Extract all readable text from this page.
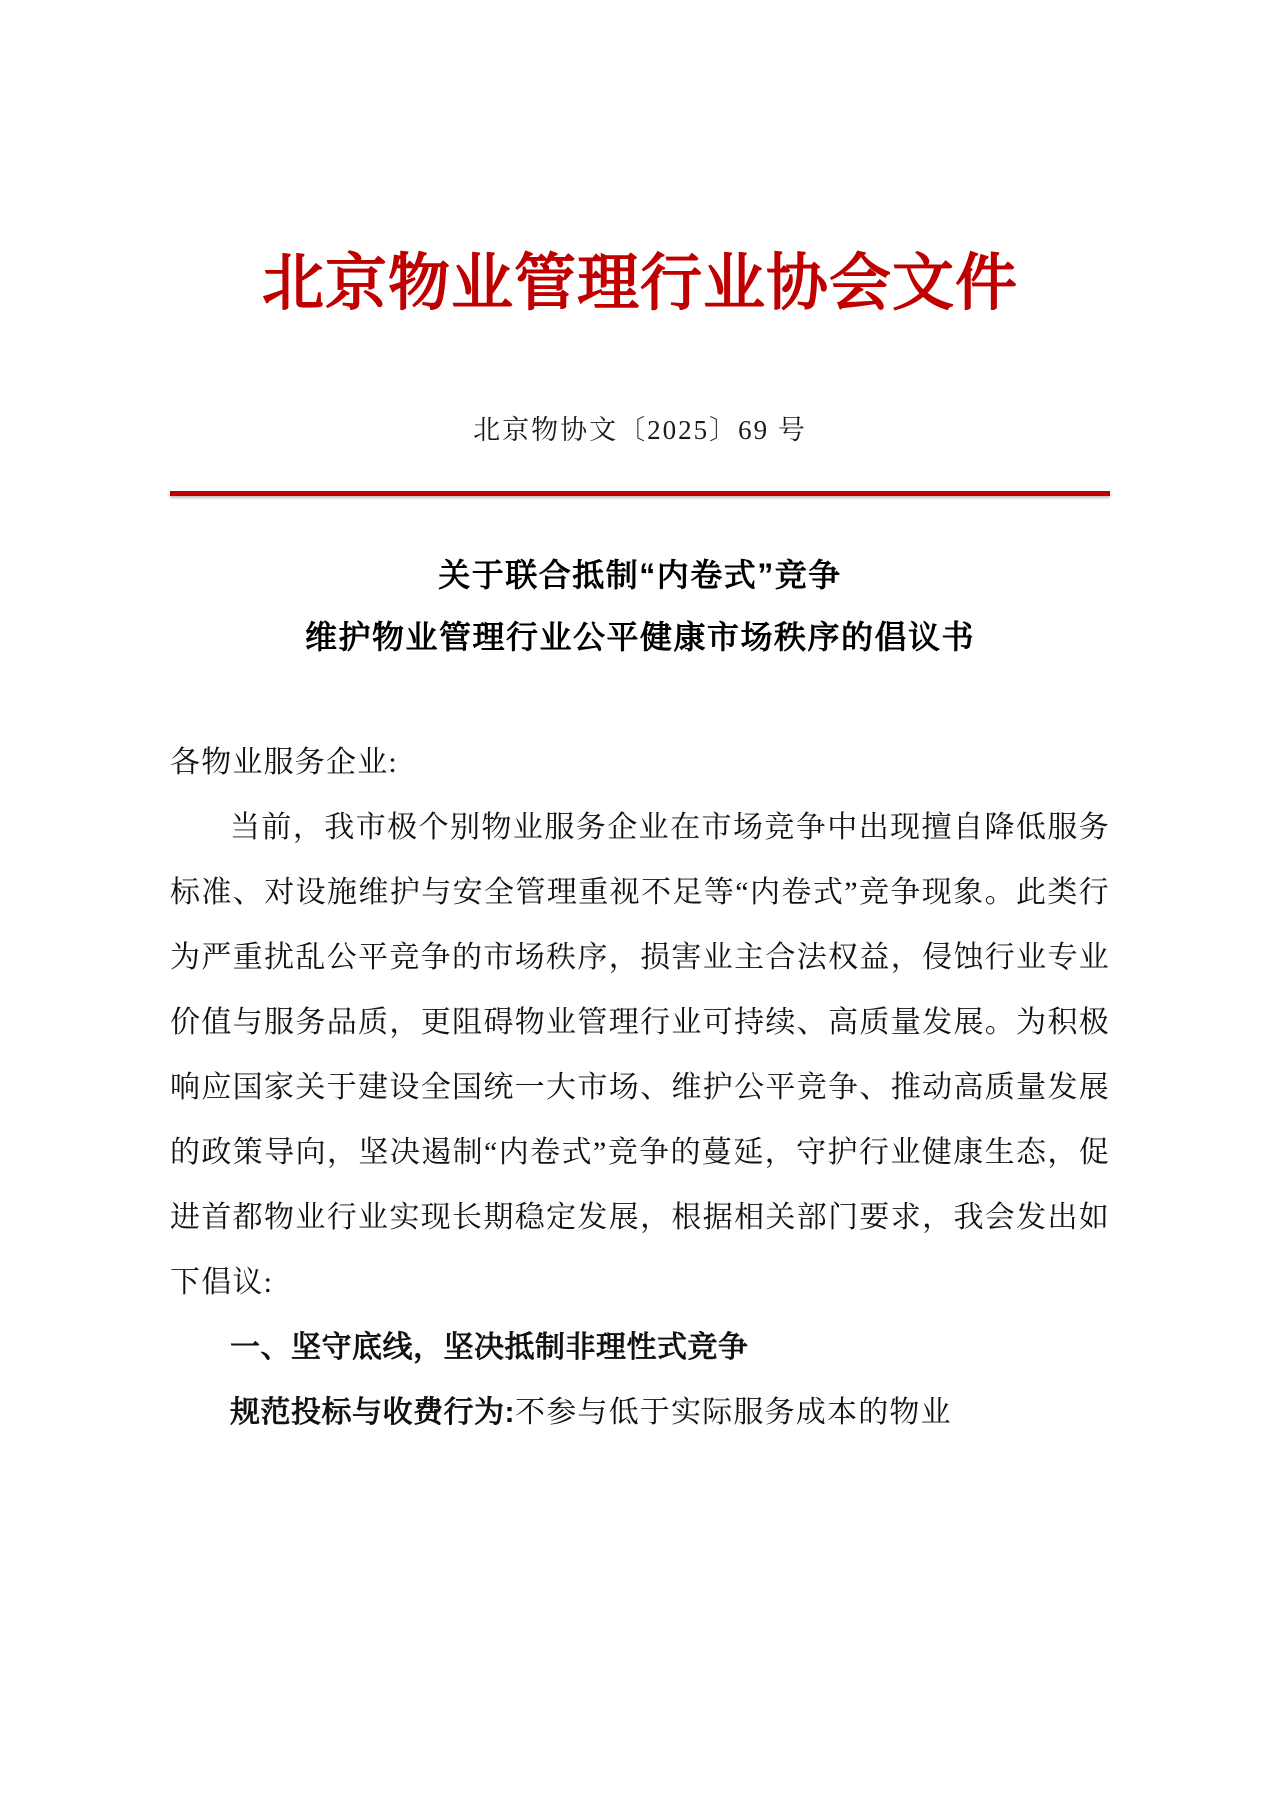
北京物业管理行业协会文件
北京物协文〔2025〕69 号
关于联合抵制“内卷式”竞争
维护物业管理行业公平健康市场秩序的倡议书

各物业服务企业:

当前，我市极个别物业服务企业在市场竞争中出现擅自降低服务标准、对设施维护与安全管理重视不足等“内卷式”竞争现象。此类行为严重扰乱公平竞争的市场秩序，损害业主合法权益，侵蚀行业专业价值与服务品质，更阻碍物业管理行业可持续、高质量发展。为积极响应国家关于建设全国统一大市场、维护公平竞争、推动高质量发展的政策导向，坚决遏制“内卷式”竞争的蔓延，守护行业健康生态，促进首都物业行业实现长期稳定发展，根据相关部门要求，我会发出如下倡议:

一、坚守底线，坚决抵制非理性式竞争

规范投标与收费行为:不参与低于实际服务成本的物业
